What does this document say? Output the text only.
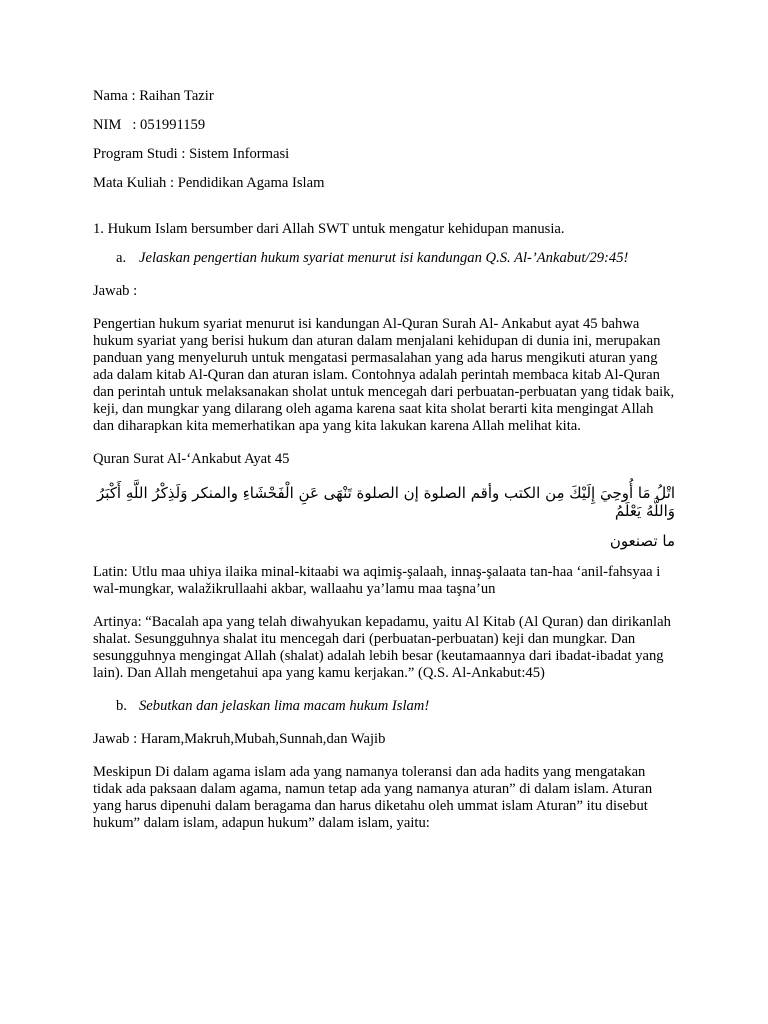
Nama : Raihan Tazir

NIM   : 051991159

Program Studi : Sistem Informasi

Mata Kuliah : Pendidikan Agama Islam

1. Hukum Islam bersumber dari Allah SWT untuk mengatur kehidupan manusia.

a. Jelaskan pengertian hukum syariat menurut isi kandungan Q.S. Al-’Ankabut/29:45!

Jawab :

Pengertian hukum syariat menurut isi kandungan Al-Quran Surah Al- Ankabut ayat 45 bahwa hukum syariat yang berisi hukum dan aturan dalam menjalani kehidupan di dunia ini, merupakan panduan yang menyeluruh untuk mengatasi permasalahan yang ada harus mengikuti aturan yang ada dalam kitab Al-Quran dan aturan islam. Contohnya adalah perintah membaca kitab Al-Quran dan perintah untuk melaksanakan sholat untuk mencegah dari perbuatan-perbuatan yang tidak baik, keji, dan mungkar yang dilarang oleh agama karena saat kita sholat berarti kita mengingat Allah dan diharapkan kita memerhatikan apa yang kita lakukan karena Allah melihat kita.

Quran Surat Al-‘Ankabut Ayat 45

اتْلُ مَا أُوحِيَ إِلَيْكَ مِن الكتب وأقم الصلوة إن الصلوة تَنْهَى عَنِ الْفَحْشَاءِ والمنكر وَلَذِكْرُ اللَّهِ أَكْبَرُ وَاللَّهُ يَعْلَمُ

ما تصنعون

Latin: Utlu maa uhiya ilaika minal-kitaabi wa aqimiş-şalaah, innaş-şalaata tan-haa ‘anil-fahsyaa i wal-mungkar, walažikrullaahi akbar, wallaahu ya’lamu maa taşna’un

Artinya: “Bacalah apa yang telah diwahyukan kepadamu, yaitu Al Kitab (Al Quran) dan dirikanlah shalat. Sesungguhnya shalat itu mencegah dari (perbuatan-perbuatan) keji dan mungkar. Dan sesungguhnya mengingat Allah (shalat) adalah lebih besar (keutamaannya dari ibadat-ibadat yang lain). Dan Allah mengetahui apa yang kamu kerjakan.” (Q.S. Al-Ankabut:45)

b. Sebutkan dan jelaskan lima macam hukum Islam!

Jawab : Haram,Makruh,Mubah,Sunnah,dan Wajib

Meskipun Di dalam agama islam ada yang namanya toleransi dan ada hadits yang mengatakan tidak ada paksaan dalam agama, namun tetap ada yang namanya aturan” di dalam islam. Aturan yang harus dipenuhi dalam beragama dan harus diketahu oleh ummat islam Aturan” itu disebut hukum” dalam islam, adapun hukum” dalam islam, yaitu:
